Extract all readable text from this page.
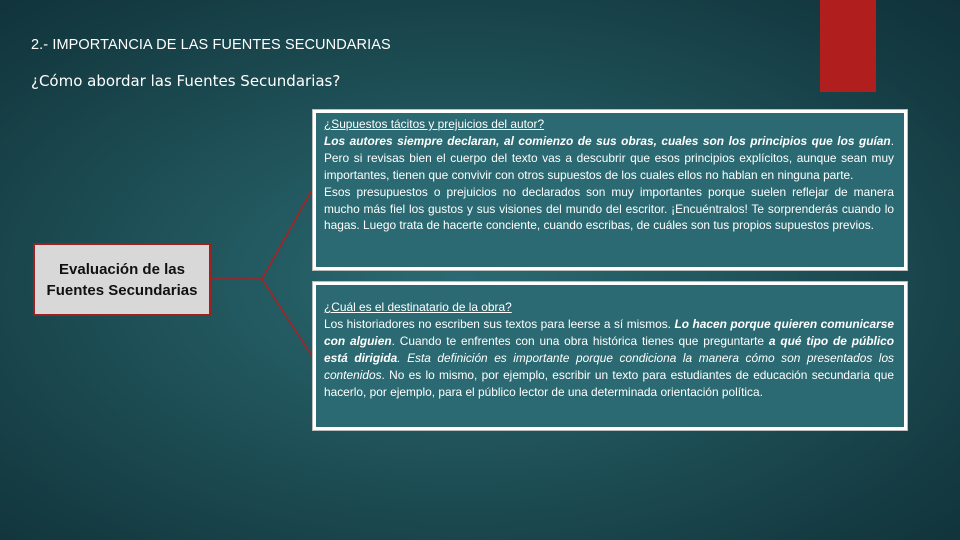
2.- IMPORTANCIA DE LAS FUENTES SECUNDARIAS
¿Cómo abordar las Fuentes Secundarias?
Evaluación de las Fuentes Secundarias
¿Supuestos tácitos y prejuicios del autor?
Los autores siempre declaran, al comienzo de sus obras, cuales son los principios que los guían. Pero si revisas bien el cuerpo del texto vas a descubrir que esos principios explícitos, aunque sean muy importantes, tienen que convivir con otros supuestos de los cuales ellos no hablan en ninguna parte.
Esos presupuestos o prejuicios no declarados son muy importantes porque suelen reflejar de manera mucho más fiel los gustos y sus visiones del mundo del escritor. ¡Encuéntralos! Te sorprenderás cuando lo hagas. Luego trata de hacerte conciente, cuando escribas, de cuáles son tus propios supuestos previos.
¿Cuál es el destinatario de la obra?
Los historiadores no escriben sus textos para leerse a sí mismos. Lo hacen porque quieren comunicarse con alguien. Cuando te enfrentes con una obra histórica tienes que preguntarte a qué tipo de público está dirigida. Esta definición es importante porque condiciona la manera cómo son presentados los contenidos. No es lo mismo, por ejemplo, escribir un texto para estudiantes de educación secundaria que hacerlo, por ejemplo, para el público lector de una determinada orientación política.
